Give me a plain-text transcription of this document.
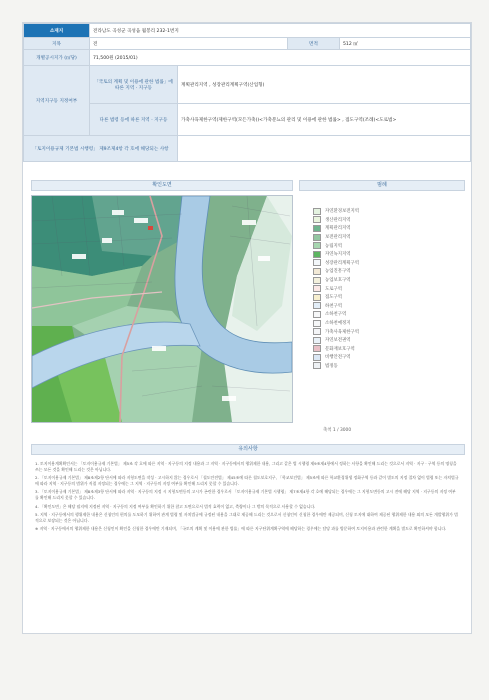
소재지	전라남도 곡성군 곡성읍 월봉리 232-1번지			
지목	전		면적	512 ㎡
개별공시지가 (㎡당)	71,500원 (2015/01)			
지역지구등 지정여부	「국토의 계획 및 이용에 관한 법률」에 따른 지역 · 지구등	계획관리지역 , 성장관리계획구역(산업형)		
	다른 법령 등에 따른 지역 · 지구등	가축사육제한구역(제한구역(모든가축))<가축분뇨의 관리 및 이용에 관한 법률> , 접도구역(조례)<도로법>		
「토지이용규제 기본법 시행령」 제9조제4항 각 호에 해당되는 사항				
확인도면	범례
자연환경보전지역
생산관리지역
계획관리지역
보전관리지역
농림지역
자연녹지지역
성장관리계획구역
농업진흥구역
농업보호구역
도로구역
접도구역
하천구역
소하천구역
소하천예정지
가축사육제한구역
자연보전권역
문화재보호구역
비행안전구역
법정동
축척 1 / 3000
유의사항

1. 토지이용계획확인서는 「토지이용규제 기본법」 제5조 각 호에 따른 지역 · 지구등의 지정 내용과 그 지역 · 지구등에서의 행위제한 내용, 그리고 같은 법 시행령 제9조제4항에서 정하는 사항을 확인해 드리는 것으로서 지역 · 지구 · 구역 등의 명칭을 쓰는 모든 것을 확인해 드리는 것은 아닙니다.

2. 「토지이용규제 기본법」 제8조제2항 단서에 따라 지형도면을 작성 · 고시하지 않는 경우로서 「철도안전법」 제45조에 따른 철도보호지구, 「학교보건법」 제5조에 따른 학교환경위생 정화구역 등과 같이 별도의 지정 절차 없이 법령 또는 자치법규에 따라 지역 · 지구등의 범위가 직접 지정되는 경우에는 그 지역 · 지구등의 지정 여부를 확인해 드리지 못할 수 있습니다.

3. 「토지이용규제 기본법」 제8조제3항 단서에 따라 지역 · 지구등의 지정 시 지형도면등의 고시가 곤란한 경우로서 「토지이용규제 기본법 시행령」 제7조제4항 각 호에 해당되는 경우에는 그 지형도면등의 고시 전에 해당 지역 · 지구등의 지정 여부를 확인해 드리지 못할 수 있습니다.

4. 「확인도면」은 해당 필지에 지정된 지역 · 지구등의 지정 여부를 확인하기 위한 참고 도면으로서 법적 효력이 없고, 측량이나 그 밖의 목적으로 사용할 수 없습니다.

5. 지역 · 지구등에서의 행위제한 내용은 신청인의 편의를 도모하기 위하여 관계 법령 및 자치법규에 규정된 내용을 그대로 제공해 드리는 것으로서 신청인이 신청한 경우에만 제공되며, 신청 토지에 대하여 제공된 행위제한 내용 외의 모든 개발행위가 법적으로 보장되는 것은 아닙니다.

※ 지역 · 지구등에서의 행위제한 내용은 신청인이 확인을 신청한 경우에만 기재되며, 「국토의 계획 및 이용에 관한 법률」에 따른 지구단위계획구역에 해당하는 경우에는 담당 과를 방문하여 토지이용과 관련한 계획을 별도로 확인하셔야 합니다.
